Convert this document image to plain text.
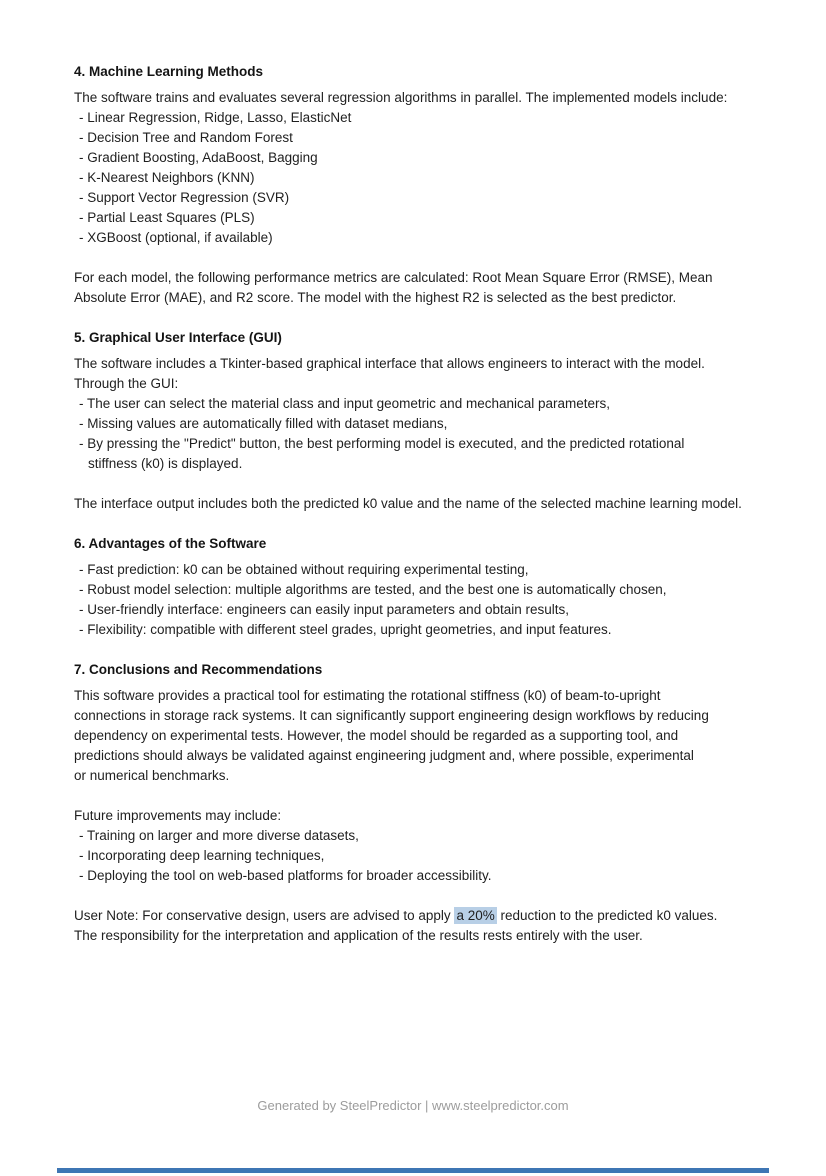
4. Machine Learning Methods
The software trains and evaluates several regression algorithms in parallel. The implemented models include:
- Linear Regression, Ridge, Lasso, ElasticNet
- Decision Tree and Random Forest
- Gradient Boosting, AdaBoost, Bagging
- K-Nearest Neighbors (KNN)
- Support Vector Regression (SVR)
- Partial Least Squares (PLS)
- XGBoost (optional, if available)
For each model, the following performance metrics are calculated: Root Mean Square Error (RMSE), Mean
Absolute Error (MAE), and R2 score. The model with the highest R2 is selected as the best predictor.
5. Graphical User Interface (GUI)
The software includes a Tkinter-based graphical interface that allows engineers to interact with the model.
Through the GUI:
- The user can select the material class and input geometric and mechanical parameters,
- Missing values are automatically filled with dataset medians,
- By pressing the "Predict" button, the best performing model is executed, and the predicted rotational
stiffness (k0) is displayed.
The interface output includes both the predicted k0 value and the name of the selected machine learning model.
6. Advantages of the Software
- Fast prediction: k0 can be obtained without requiring experimental testing,
- Robust model selection: multiple algorithms are tested, and the best one is automatically chosen,
- User-friendly interface: engineers can easily input parameters and obtain results,
- Flexibility: compatible with different steel grades, upright geometries, and input features.
7. Conclusions and Recommendations
This software provides a practical tool for estimating the rotational stiffness (k0) of beam-to-upright
connections in storage rack systems. It can significantly support engineering design workflows by reducing
dependency on experimental tests. However, the model should be regarded as a supporting tool, and
predictions should always be validated against engineering judgment and, where possible, experimental
or numerical benchmarks.
Future improvements may include:
- Training on larger and more diverse datasets,
- Incorporating deep learning techniques,
- Deploying the tool on web-based platforms for broader accessibility.
User Note: For conservative design, users are advised to apply a 20% reduction to the predicted k0 values.
The responsibility for the interpretation and application of the results rests entirely with the user.
Generated by SteelPredictor | www.steelpredictor.com
